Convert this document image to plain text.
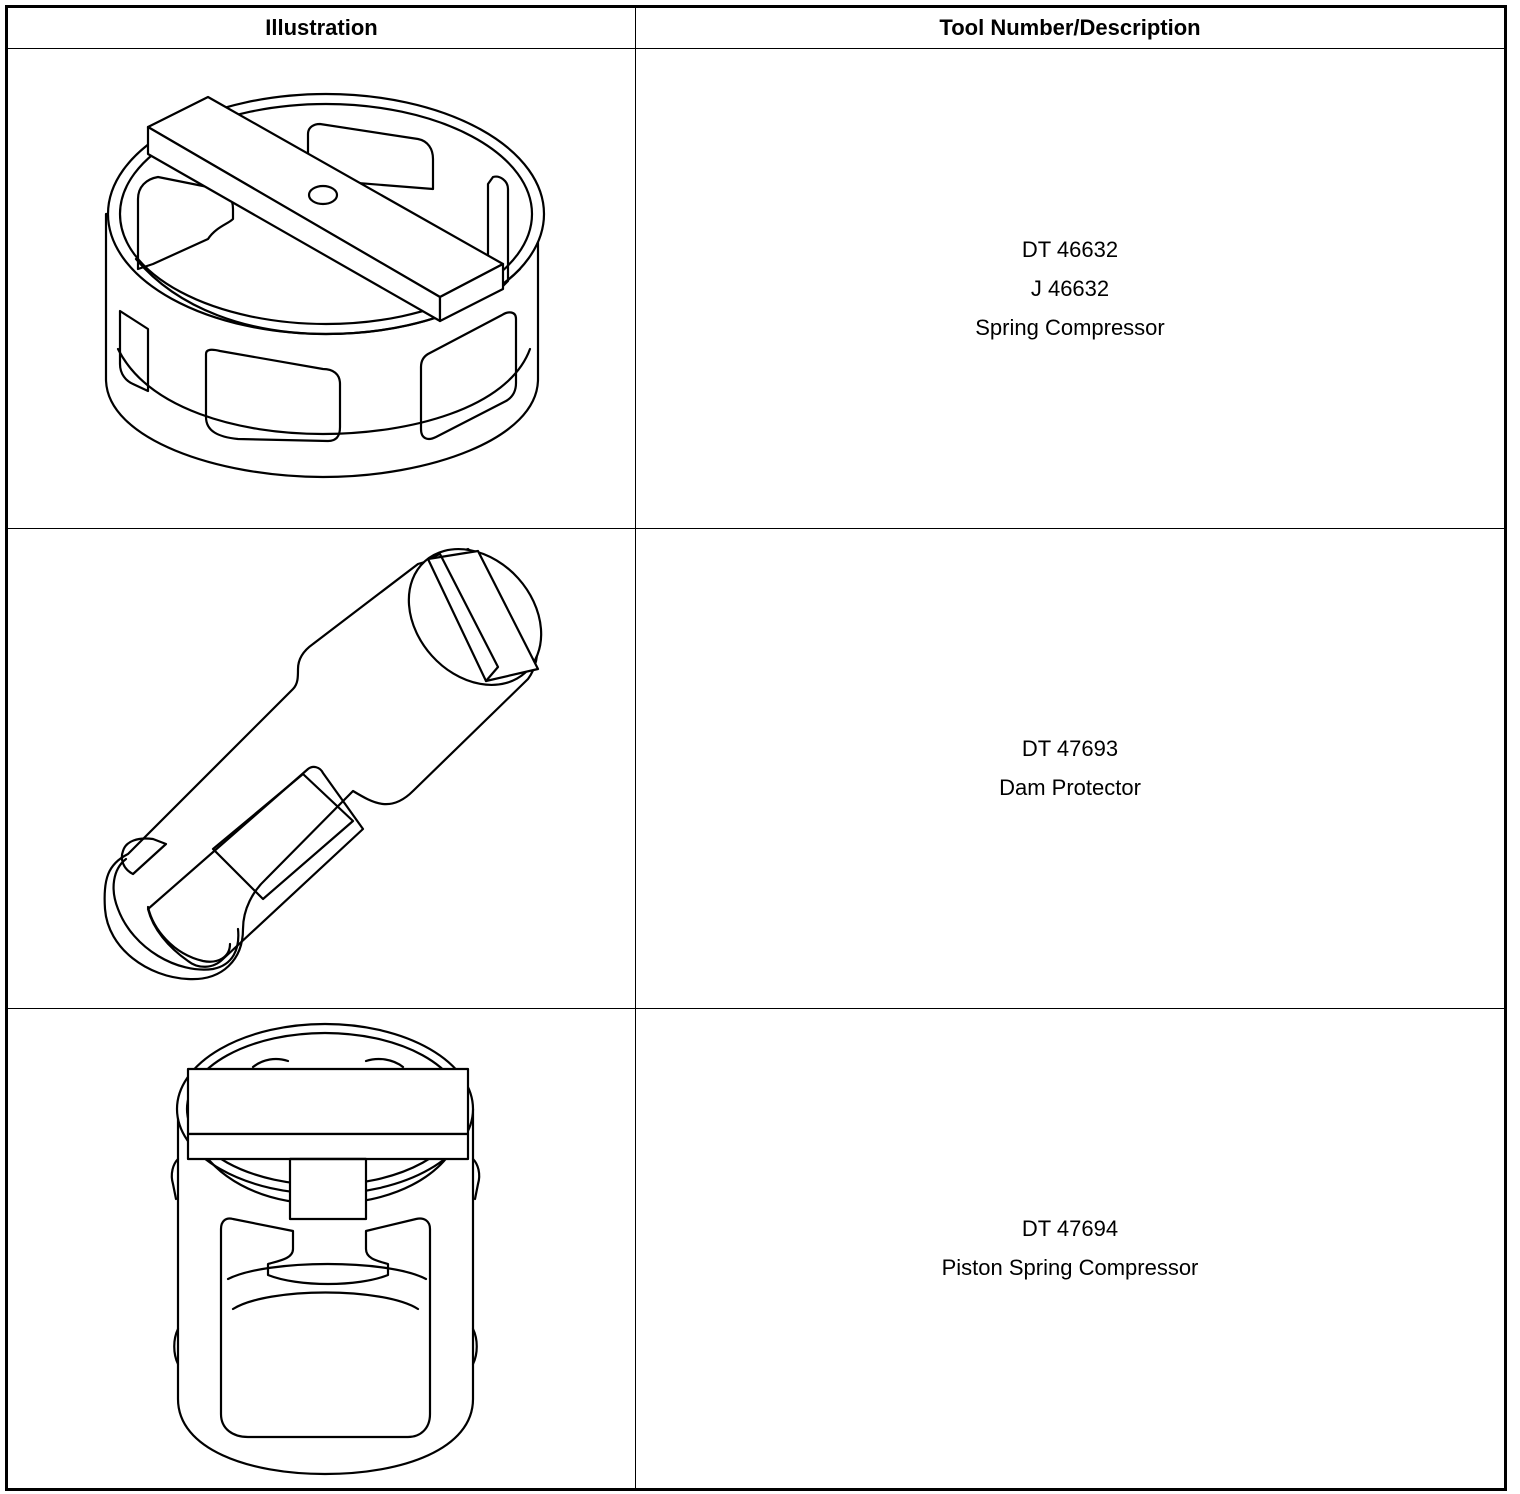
Illustration	Tool Number/Description

DT 46632
J 46632
Spring Compressor

DT 47693
Dam Protector

DT 47694
Piston Spring Compressor
